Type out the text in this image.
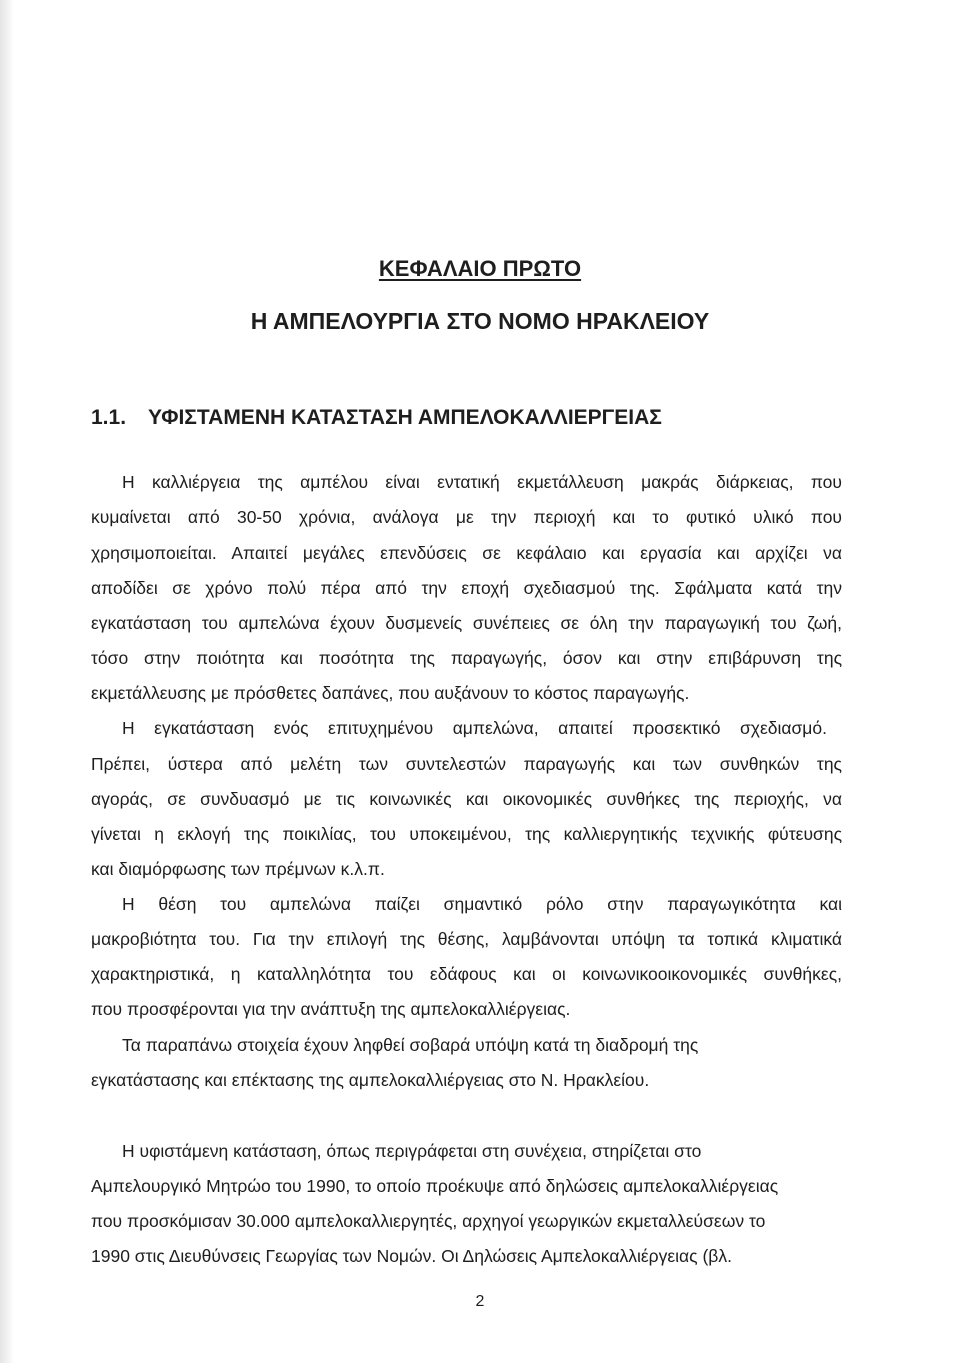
ΚΕΦΑΛΑΙΟ ΠΡΩΤΟ
Η ΑΜΠΕΛΟΥΡΓΙΑ ΣΤΟ ΝΟΜΟ ΗΡΑΚΛΕΙΟΥ
1.1. ΥΦΙΣΤΑΜΕΝΗ ΚΑΤΑΣΤΑΣΗ ΑΜΠΕΛΟΚΑΛΛΙΕΡΓΕΙΑΣ
Η καλλιέργεια της αμπέλου είναι εντατική εκμετάλλευση μακράς διάρκειας, που
κυμαίνεται από 30-50 χρόνια, ανάλογα με την περιοχή και το φυτικό υλικό που
χρησιμοποιείται. Απαιτεί μεγάλες επενδύσεις σε κεφάλαιο και εργασία και αρχίζει να
αποδίδει σε χρόνο πολύ πέρα από την εποχή σχεδιασμού της. Σφάλματα κατά την
εγκατάσταση του αμπελώνα έχουν δυσμενείς συνέπειες σε όλη την παραγωγική του ζωή,
τόσο στην ποιότητα και ποσότητα της παραγωγής, όσον και στην επιβάρυνση της
εκμετάλλευσης με πρόσθετες δαπάνες, που αυξάνουν το κόστος παραγωγής.
Η εγκατάσταση ενός επιτυχημένου αμπελώνα, απαιτεί προσεκτικό σχεδιασμό.
Πρέπει, ύστερα από μελέτη των συντελεστών παραγωγής και των συνθηκών της
αγοράς, σε συνδυασμό με τις κοινωνικές και οικονομικές συνθήκες της περιοχής, να
γίνεται η εκλογή της ποικιλίας, του υποκειμένου, της καλλιεργητικής τεχνικής φύτευσης
και διαμόρφωσης των πρέμνων κ.λ.π.
Η θέση του αμπελώνα παίζει σημαντικό ρόλο στην παραγωγικότητα και
μακροβιότητα του. Για την επιλογή της θέσης, λαμβάνονται υπόψη τα τοπικά κλιματικά
χαρακτηριστικά, η καταλληλότητα του εδάφους και οι κοινωνικοοικονομικές συνθήκες,
που προσφέρονται για την ανάπτυξη της αμπελοκαλλιέργειας.
Τα παραπάνω στοιχεία έχουν ληφθεί σοβαρά υπόψη κατά τη διαδρομή της
εγκατάστασης και επέκτασης της αμπελοκαλλιέργειας στο Ν. Ηρακλείου.
Η υφιστάμενη κατάσταση, όπως περιγράφεται στη συνέχεια, στηρίζεται στο
Αμπελουργικό Μητρώο του 1990, το οποίο προέκυψε από δηλώσεις αμπελοκαλλιέργειας
που προσκόμισαν 30.000 αμπελοκαλλιεργητές, αρχηγοί γεωργικών εκμεταλλεύσεων το
1990 στις Διευθύνσεις Γεωργίας των Νομών. Οι Δηλώσεις Αμπελοκαλλιέργειας (βλ.
2
